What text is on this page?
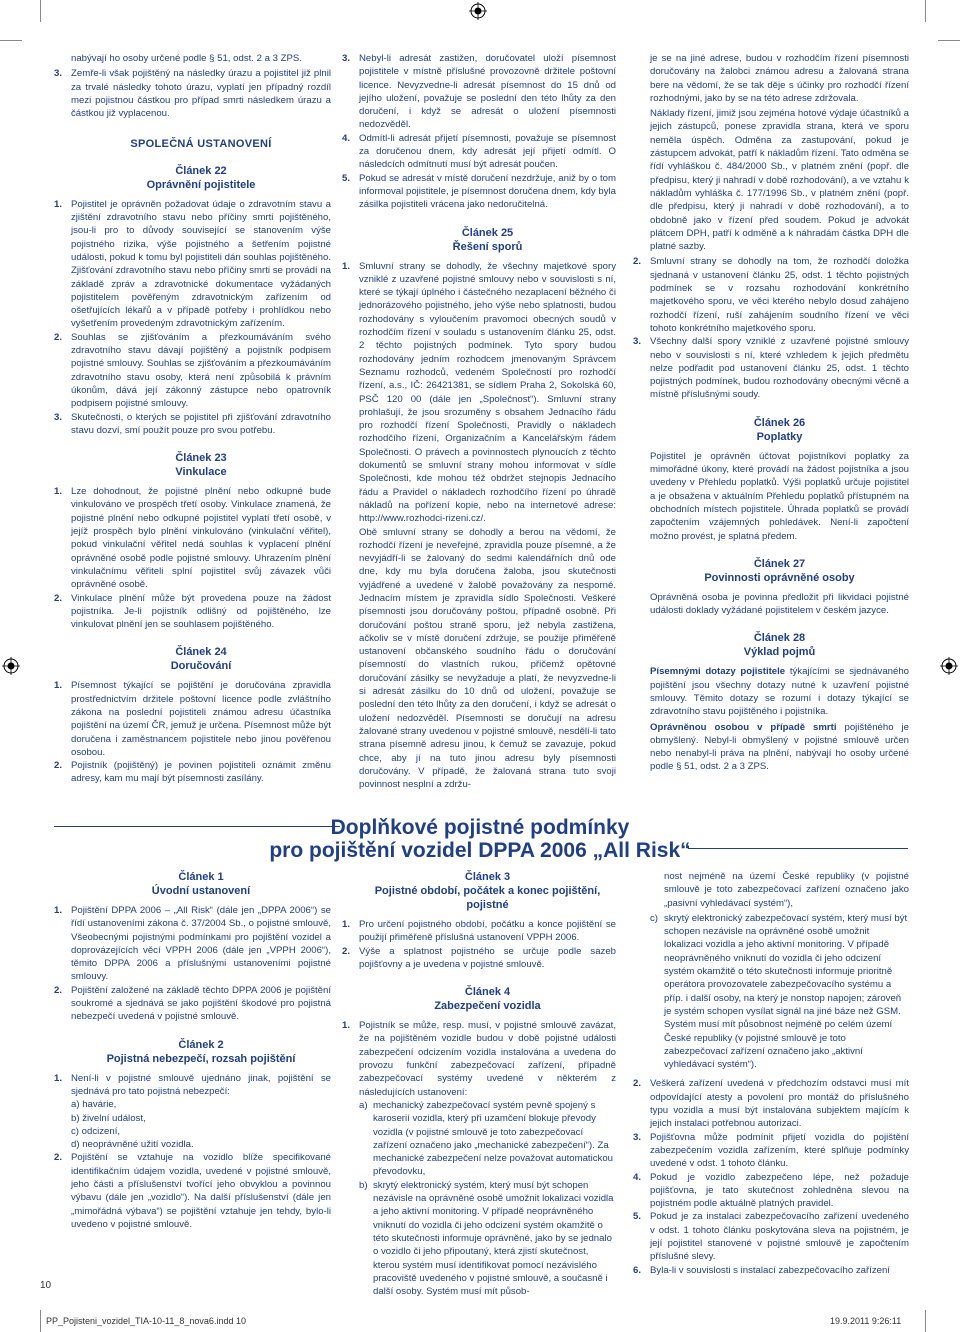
nabývají ho osoby určené podle § 51, odst. 2 a 3 ZPS.

3. Zemře-li však pojištěný na následky úrazu a pojistitel již plnil za trvalé následky tohoto úrazu, vyplatí jen případný rozdíl mezi pojistnou částkou pro případ smrti následkem úrazu a částkou již vyplacenou.
SPOLEČNÁ USTANOVENÍ
Článek 22
Oprávnění pojistitele
1. Pojistitel je oprávněn požadovat údaje o zdravotním stavu a zjištění zdravotního stavu nebo příčiny smrti pojištěného, jsou-li pro to důvody související se stanovením výše pojistného rizika, výše pojistného a šetřením pojistné události, pokud k tomu byl pojistiteli dán souhlas pojištěného. Zjišťování zdravotního stavu nebo příčiny smrti se provádí na základě zpráv a zdravotnické dokumentace vyžádaných pojistitelem pověřeným zdravotnickým zařízením od ošetřujících lékařů a v případě potřeby i prohlídkou nebo vyšetřením provedeným zdravotnickým zařízením.
2. Souhlas se zjišťováním a přezkoumáváním svého zdravotního stavu dávají pojištěný a pojistník podpisem pojistné smlouvy. Souhlas se zjišťováním a přezkoumáváním zdravotního stavu osoby, která není způsobilá k právním úkonům, dává její zákonný zástupce nebo opatrovník podpisem pojistné smlouvy.
3. Skutečnosti, o kterých se pojistitel při zjišťování zdravotního stavu dozví, smí použít pouze pro svou potřebu.
Článek 23
Vinkulace
1. Lze dohodnout, že pojistné plnění nebo odkupné bude vinkulováno ve prospěch třetí osoby. Vinkulace znamená, že pojistné plnění nebo odkupné pojistitel vyplatí třetí osobě, v jejíž prospěch bylo plnění vinkulováno (vinkulační věřitel), pokud vinkulační věřitel nedá souhlas k vyplacení plnění oprávněné osobě podle pojistné smlouvy. Uhrazením plnění vinkulačnímu věřiteli splní pojistitel svůj závazek vůči oprávněné osobě.
2. Vinkulace plnění může být provedena pouze na žádost pojistníka. Je-li pojistník odlišný od pojištěného, lze vinkulovat plnění jen se souhlasem pojištěného.
Článek 24
Doručování
1. Písemnost týkající se pojištění je doručována zpravidla prostřednictvím držitele poštovní licence podle zvláštního zákona na poslední pojistiteli známou adresu účastníka pojištění na území ČR, jemuž je určena. Písemnost může být doručena i zaměstnancem pojistitele nebo jinou pověřenou osobou.
2. Pojistník (pojištěný) je povinen pojistiteli oznámit změnu adresy, kam mu mají být písemnosti zasílány.
3. Nebyl-li adresát zastižen, doručovatel uloží písemnost pojistitele v místně příslušné provozovně držitele poštovní licence. Nevyzvedne-li adresát písemnost do 15 dnů od jejího uložení, považuje se poslední den této lhůty za den doručení, i když se adresát o uložení písemnosti nedozvěděl.
4. Odmítl-li adresát přijetí písemnosti, považuje se písemnost za doručenou dnem, kdy adresát její přijetí odmítl. O následcích odmítnutí musí být adresát poučen.
5. Pokud se adresát v místě doručení nezdržuje, aniž by o tom informoval pojistitele, je písemnost doručena dnem, kdy byla zásilka pojistiteli vrácena jako nedoručitelná.
Článek 25
Řešení sporů
1. Smluvní strany se dohodly, že všechny majetkové spory vzniklé z uzavřené pojistné smlouvy nebo v souvislosti s ní, které se týkají úplného i částečného nezaplacení běžného či jednorázového pojistného, jeho výše nebo splatnosti, budou rozhodovány s vyloučením pravomoci obecných soudů v rozhodčím řízení v souladu s ustanovením článku 25, odst. 2 těchto pojistných podmínek. Tyto spory budou rozhodovány jedním rozhodcem jmenovaným Správcem Seznamu rozhodců, vedeném Společností pro rozhodčí řízení, a.s., IČ: 26421381, se sídlem Praha 2, Sokolská 60, PSČ 120 00 (dále jen „Společnost“). Smluvní strany prohlašují, že jsou srozuměny s obsahem Jednacího řádu pro rozhodčí řízení Společnosti, Pravidly o nákladech rozhodčího řízení, Organizačním a Kancelářským řádem Společnosti. O právech a povinnostech plynoucích z těchto dokumentů se smluvní strany mohou informovat v sídle Společnosti, kde mohou též obdržet stejnopis Jednacího řádu a Pravidel o nákladech rozhodčího řízení po úhradě nákladů na pořízení kopie, nebo na internetové adrese: http://www.rozhodci-rizeni.cz/.

Obě smluvní strany se dohodly a berou na vědomí, že rozhodčí řízení je neveřejné, zpravidla pouze písemné, a že nevyjádří-li se žalovaný do sedmi kalendářních dnů ode dne, kdy mu byla doručena žaloba, jsou skutečnosti vyjádřené a uvedené v žalobě považovány za nesporné. Jednacím místem je zpravidla sídlo Společnosti. Veškeré písemnosti jsou doručovány poštou, případně osobně. Při doručování poštou straně sporu, jež nebyla zastižena, ačkoliv se v místě doručení zdržuje, se použije přiměřeně ustanovení občanského soudního řádu o doručování písemností do vlastních rukou, přičemž opětovné doručování zásilky se nevyžaduje a platí, že nevyzvedne-li si adresát zásilku do 10 dnů od uložení, považuje se poslední den této lhůty za den doručení, i když se adresát o uložení nedozvěděl. Písemnosti se doručují na adresu žalované strany uvedenou v pojistné smlouvě, nesdělí-li tato strana písemně adresu jinou, k čemuž se zavazuje, pokud chce, aby jí na tuto jinou adresu byly písemnosti doručovány. V případě, že žalovaná strana tuto svoji povinnost nesplní a zdržu-

je se na jiné adrese, budou v rozhodčím řízení písemnosti doručovány na žalobci známou adresu a žalovaná strana bere na vědomí, že se tak děje s účinky pro rozhodčí řízení rozhodnými, jako by se na této adrese zdržovala.

Náklady řízení, jimiž jsou zejména hotové výdaje účastníků a jejich zástupců, ponese zpravidla strana, která ve sporu neměla úspěch. Odměna za zastupování, pokud je zástupcem advokát, patří k nákladům řízení. Tato odměna se řídí vyhláškou č. 484/2000 Sb., v platném znění (popř. dle předpisu, který ji nahradí v době rozhodování), a ve vztahu k nákladům vyhláška č. 177/1996 Sb., v platném znění (popř. dle předpisu, který ji nahradí v době rozhodování), a to obdobně jako v řízení před soudem. Pokud je advokát plátcem DPH, patří k odměně a k náhradám částka DPH dle platné sazby.

2. Smluvní strany se dohodly na tom, že rozhodčí doložka sjednaná v ustanovení článku 25, odst. 1 těchto pojistných podmínek se v rozsahu rozhodování konkrétního majetkového sporu, ve věci kterého nebylo dosud zahájeno rozhodčí řízení, ruší zahájením soudního řízení ve věci tohoto konkrétního majetkového sporu.
3. Všechny další spory vzniklé z uzavřené pojistné smlouvy nebo v souvislosti s ní, které vzhledem k jejich předmětu nelze podřadit pod ustanovení článku 25, odst. 1 těchto pojistných podmínek, budou rozhodovány obecnými věcně a místně příslušnými soudy.
Článek 26
Poplatky

Pojistitel je oprávněn účtovat pojistníkovi poplatky za mimořádné úkony, které provádí na žádost pojistníka a jsou uvedeny v Přehledu poplatků. Výši poplatků určuje pojistitel a je obsažena v aktuálním Přehledu poplatků přístupném na obchodních místech pojistitele. Úhrada poplatků se provádí započtením vzájemných pohledávek. Není-li započtení možno provést, je splatná předem.

Článek 27
Povinnosti oprávněné osoby

Oprávněná osoba je povinna předložit při likvidaci pojistné události doklady vyžádané pojistitelem v českém jazyce.

Článek 28
Výklad pojmů

Písemnými dotazy pojistitele týkajícími se sjednávaného pojištění jsou všechny dotazy nutné k uzavření pojistné smlouvy. Těmito dotazy se rozumí i dotazy týkající se zdravotního stavu pojištěného i pojistníka.

Oprávněnou osobou v případě smrti pojištěného je obmyšlený. Nebyl-li obmyšlený v pojistné smlouvě určen nebo nenabyl-li práva na plnění, nabývají ho osoby určené podle § 51, odst. 2 a 3 ZPS.

Doplňkové pojistné podmínky
pro pojištění vozidel DPPA 2006 „All Risk“
Článek 1
Úvodní ustanovení
1. Pojištění DPPA 2006 – „All Risk“ (dále jen „DPPA 2006“) se řídí ustanoveními zákona č. 37/2004 Sb., o pojistné smlouvě, Všeobecnými pojistnými podmínkami pro pojištění vozidel a doprovázejících věcí VPPH 2006 (dále jen „VPPH 2006“), těmito DPPA 2006 a příslušnými ustanoveními pojistné smlouvy.
2. Pojištění založené na základě těchto DPPA 2006 je pojištění soukromé a sjednává se jako pojištění škodové pro pojistná nebezpečí uvedená v pojistné smlouvě.
Článek 2
Pojistná nebezpečí, rozsah pojištění
1. Není-li v pojistné smlouvě ujednáno jinak, pojištění se sjednává pro tato pojistná nebezpečí:
a) havárie,
b) živelní událost,
c) odcizení,
d) neoprávněné užití vozidla.
2. Pojištění se vztahuje na vozidlo blíže specifikované identifikačním údajem vozidla, uvedené v pojistné smlouvě, jeho části a příslušenství tvořící jeho obvyklou a povinnou výbavu (dále jen „vozidlo“). Na další příslušenství (dále jen „mimořádná výbava“) se pojištění vztahuje jen tehdy, bylo-li uvedeno v pojistné smlouvě.
Článek 3
Pojistné období, počátek a konec pojištění, pojistné
1. Pro určení pojistného období, počátku a konce pojištění se použijí přiměřeně příslušná ustanovení VPPH 2006.
2. Výše a splatnost pojistného se určuje podle sazeb pojišťovny a je uvedena v pojistné smlouvě.
Článek 4
Zabezpečení vozidla
1. Pojistník se může, resp. musí, v pojistné smlouvě zavázat, že na pojištěném vozidle budou v době pojistné události zabezpečení odcizením vozidla instalována a uvedena do provozu funkční zabezpečovací zařízení, případně zabezpečovací systémy uvedené v některém z následujících ustanovení:
a) mechanický zabezpečovací systém pevně spojený s karoserií vozidla, který při uzamčení blokuje převody vozidla (v pojistné smlouvě je toto zabezpečovací zařízení označeno jako „mechanické zabezpečení“). Za mechanické zabezpečení nelze považovat automatickou převodovku,
b) skrytý elektronický systém, který musí být schopen nezávisle na oprávněné osobě umožnit lokalizaci vozidla a jeho aktivní monitoring. V případě neoprávněného vniknutí do vozidla či jeho odcizení systém okamžitě o této skutečnosti informuje oprávněné, jako by se jednalo o vozidlo či jeho připoutaný, která zjistí skutečnost, kterou systém musí identifikovat pomocí nezávislého pracoviště uvedeného v pojistné smlouvě, a současně i další osoby. Systém musí mít působ-

nost nejméně na území České republiky (v pojistné smlouvě je toto zabezpečovací zařízení označeno jako „pasivní vyhledávací systém“),

c) skrytý elektronický zabezpečovací systém, který musí být schopen nezávisle na oprávněné osobě umožnit lokalizaci vozidla a jeho aktivní monitoring. V případě neoprávněného vniknutí do vozidla či jeho odcizení systém okamžitě o této skutečnosti informuje prioritně operátora provozovatele zabezpečovacího systému a příp. i další osoby, na který je nonstop napojen; zároveň je systém schopen vysílat signál na jiné báze než GSM. Systém musí mít působnost nejméně po celém území České republiky (v pojistné smlouvě je toto zabezpečovací zařízení označeno jako „aktivní vyhledávací systém“).
2. Veškerá zařízení uvedená v předchozím odstavci musí mít odpovídající atesty a povolení pro montáž do příslušného typu vozidla a musí být instalována subjektem majícím k jejich instalaci potřebnou autorizaci.
3. Pojišťovna může podmínit přijetí vozidla do pojištění zabezpečením vozidla zařízením, které splňuje podmínky uvedené v odst. 1 tohoto článku.
4. Pokud je vozidlo zabezpečeno lépe, než požaduje pojišťovna, je tato skutečnost zohledněna slevou na pojistném podle aktuálně platných pravidel.
5. Pokud je za instalaci zabezpečovacího zařízení uvedeného v odst. 1 tohoto článku poskytována sleva na pojistném, je její pojistitel stanovené v pojistné smlouvě je započtením příslušné slevy.
6. Byla-li v souvislosti s instalací zabezpečovacího zařízení
10
PP_Pojisteni_vozidel_TIA-10-11_8_nova6.indd 10	19.9.2011 9:26:11
